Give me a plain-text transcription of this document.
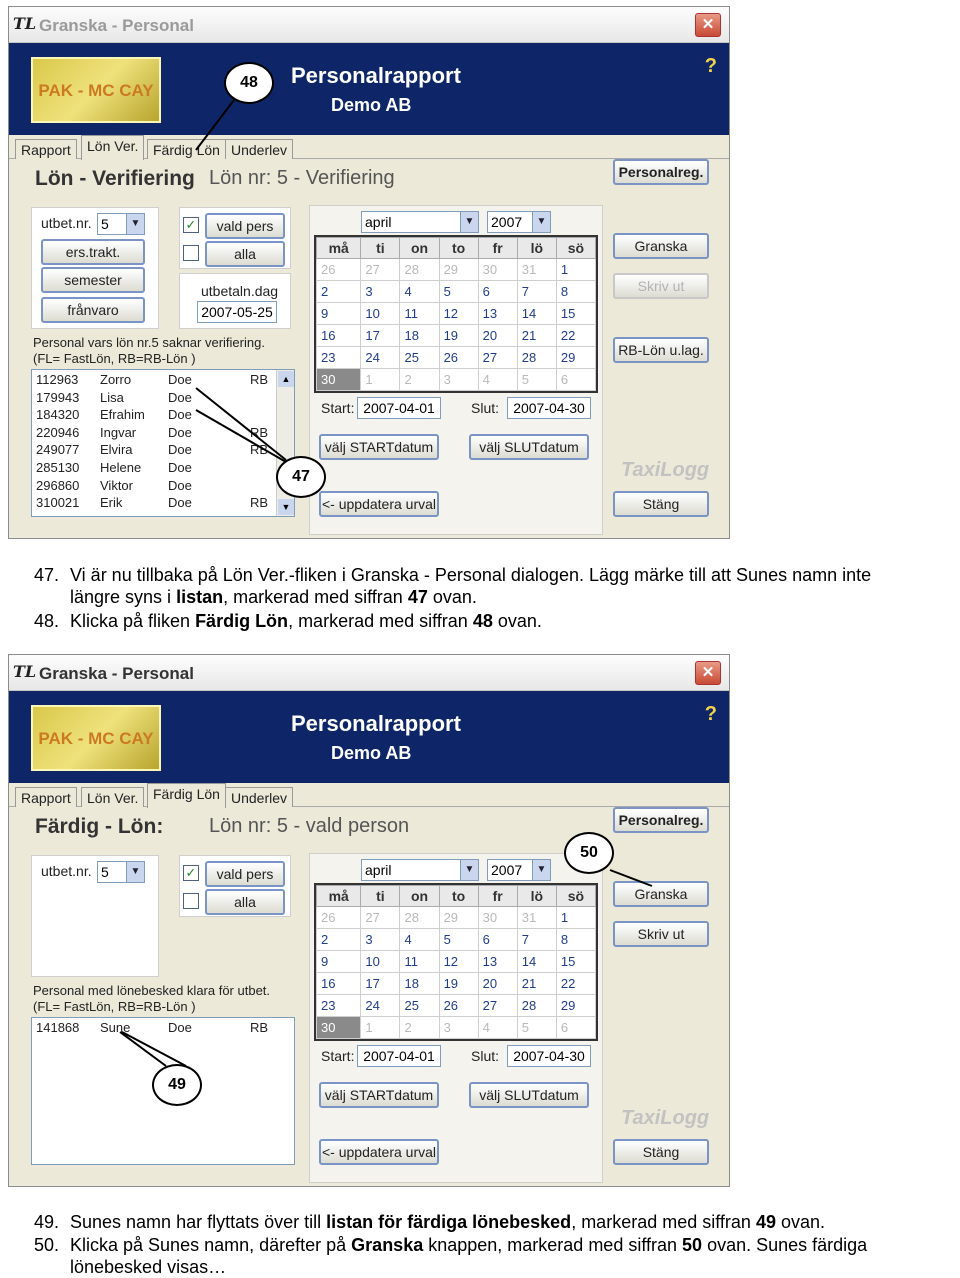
TL Granska - Personal	✕
PAK - MC CAY
Personalrapport
Demo AB
?
Rapport	Lön Ver.	Färdig Lön Underlev
Lön - Verifiering Lön nr: 5 - Verifiering
utbet.nr. 5	▼
ers.trakt.
semester
frånvaro
✓	vald pers
alla
utbetaln.dag
2007-05-25
Personal vars lön nr.5 saknar verifiering.
(FL= FastLön, RB=RB-Lön )
112963 Zorro	Doe	RB
179943 Lisa	Doe
184320 Efrahim Doe
220946 Ingvar Doe	RB
249077 Elvira	Doe	RB
285130 Helene Doe
296860 Viktor	Doe
310021 Erik	Doe	RB
▲
▼
april	▼ 2007	▼
må	ti	on	to	fr	lö	sö
26	27	28	29	30	31	1
2	3	4	5	6	7	8
9	10	11	12	13	14	15
16	17	18	19	20	21	22
23	24	25	26	27	28	29
30	1	2	3	4	5	6
Start: 2007-04-01	Slut:	2007-04-30
välj STARTdatum	välj SLUTdatum
<- uppdatera urval
Personalreg.
Granska
Skriv ut
RB-Lön u.lag.
TaxiLogg
Stäng
TL Granska - Personal	✕
PAK - MC CAY
Personalrapport
Demo AB
?
Rapport	Lön Ver.	Färdig Lön Underlev
Färdig - Lön: Lön nr: 5 - vald person
utbet.nr. 5	▼	✓	vald pers
alla
Personal med lönebesked klara för utbet.
(FL= FastLön, RB=RB-Lön )
141868 Sune	Doe	RB
april	▼ 2007	▼
må	ti	on	to	fr	lö	sö
26	27	28	29	30	31	1
2	3	4	5	6	7	8
9	10	11	12	13	14	15
16	17	18	19	20	21	22
23	24	25	26	27	28	29
30	1	2	3	4	5	6
Start: 2007-04-01	Slut:	2007-04-30
välj STARTdatum	välj SLUTdatum
<- uppdatera urval
Personalreg.
Granska
Skriv ut
TaxiLogg
Stäng
48
47
50
49
47. Vi är nu tillbaka på Lön Ver.-fliken i Granska - Personal dialogen. Lägg märke till att Sunes namn inte
längre syns i listan, markerad med siffran 47 ovan.
48. Klicka på fliken Färdig Lön, markerad med siffran 48 ovan.
49. Sunes namn har flyttats över till listan för färdiga lönebesked, markerad med siffran 49 ovan.
50. Klicka på Sunes namn, därefter på Granska knappen, markerad med siffran 50 ovan. Sunes färdiga
lönebesked visas…
